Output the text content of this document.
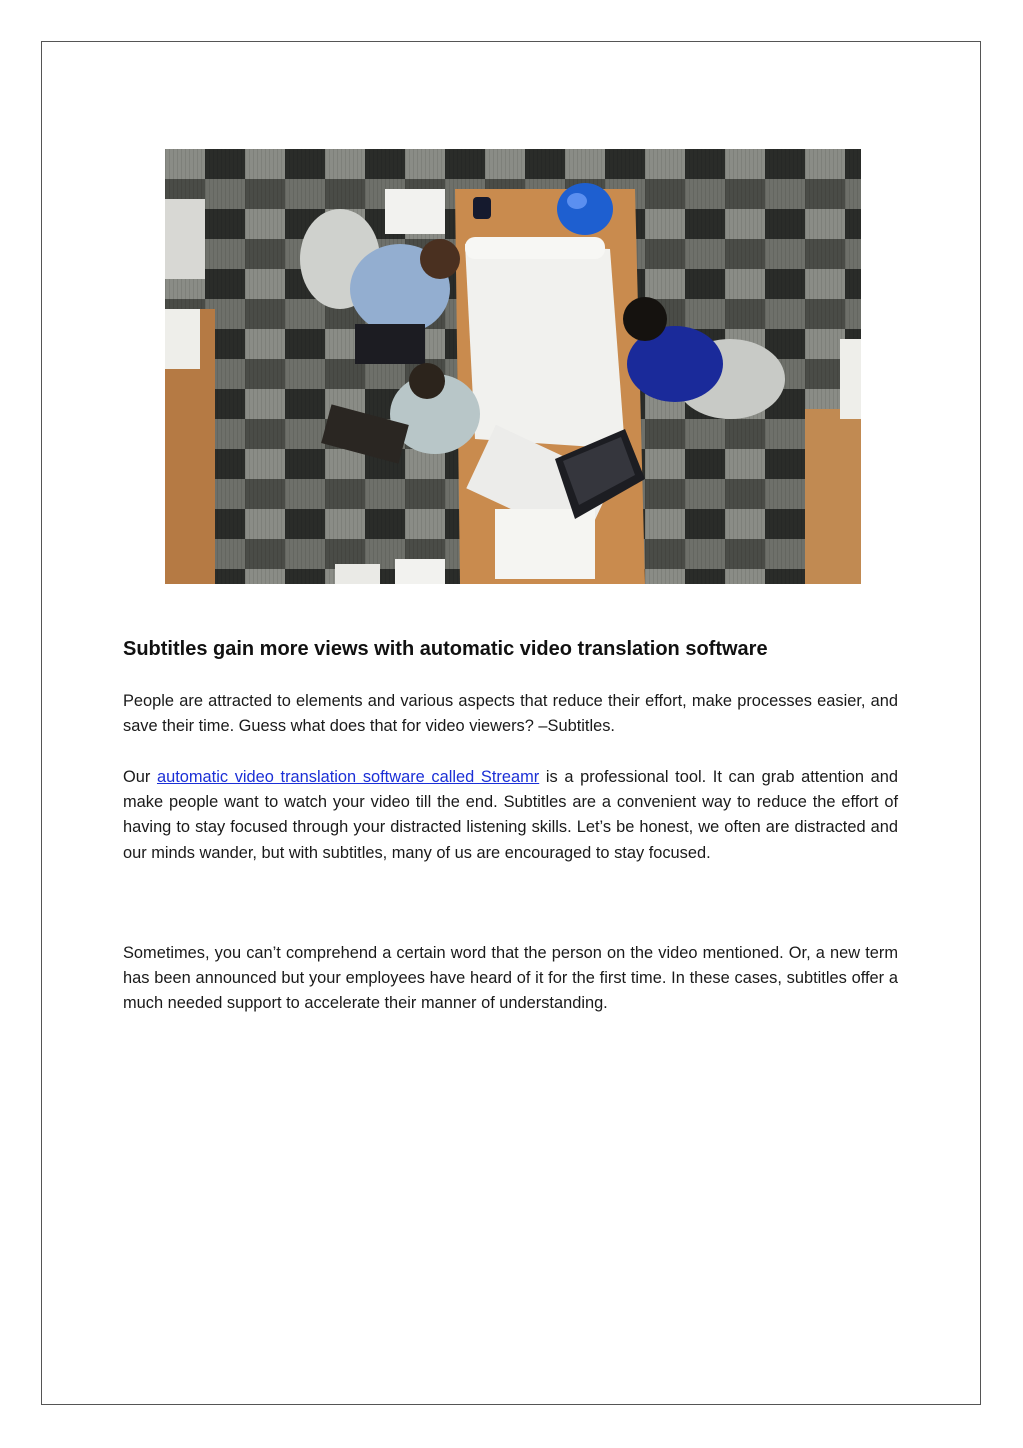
Subtitles gain more views with automatic video translation software

People are attracted to elements and various aspects that reduce their effort, make processes easier, and save their time. Guess what does that for video viewers? –Subtitles.

Our automatic video translation software called Streamr is a professional tool. It can grab attention and make people want to watch your video till the end. Subtitles are a convenient way to reduce the effort of having to stay focused through your distracted listening skills. Let’s be honest, we often are distracted and our minds wander, but with subtitles, many of us are encouraged to stay focused.

Sometimes, you can’t comprehend a certain word that the person on the video mentioned. Or, a new term has been announced but your employees have heard of it for the first time. In these cases, subtitles offer a much needed support to accelerate their manner of understanding.
